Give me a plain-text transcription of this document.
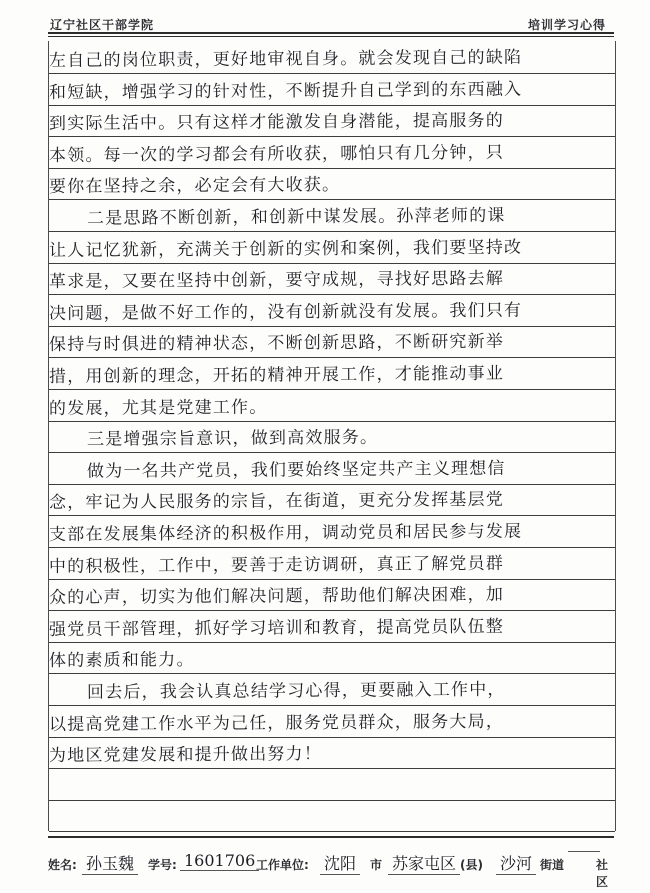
辽宁社区干部学院	培训学习心得
左自己的岗位职责，更好地审视自身。就会发现自己的缺陷
和短缺，增强学习的针对性，不断提升自己学到的东西融入
到实际生活中。只有这样才能激发自身潜能，提高服务的
本领。每一次的学习都会有所收获，哪怕只有几分钟，只
要你在坚持之余，必定会有大收获。
二是思路不断创新，和创新中谋发展。孙萍老师的课
让人记忆犹新，充满关于创新的实例和案例，我们要坚持改
革求是，又要在坚持中创新，要守成规，寻找好思路去解
决问题，是做不好工作的，没有创新就没有发展。我们只有
保持与时俱进的精神状态，不断创新思路，不断研究新举
措，用创新的理念，开拓的精神开展工作，才能推动事业
的发展，尤其是党建工作。
三是增强宗旨意识，做到高效服务。
做为一名共产党员，我们要始终坚定共产主义理想信
念，牢记为人民服务的宗旨，在街道，更充分发挥基层党
支部在发展集体经济的积极作用，调动党员和居民参与发展
中的积极性，工作中，要善于走访调研，真正了解党员群
众的心声，切实为他们解决问题，帮助他们解决困难，加
强党员干部管理，抓好学习培训和教育，提高党员队伍整
体的素质和能力。
回去后，我会认真总结学习心得，更要融入工作中，
以提高党建工作水平为己任，服务党员群众，服务大局，
为地区党建发展和提升做出努力！
姓名: 孙玉魏	学号: 1601706 工作单位: 沈阳	市 苏家屯区 (县) 沙河 街道	社区
